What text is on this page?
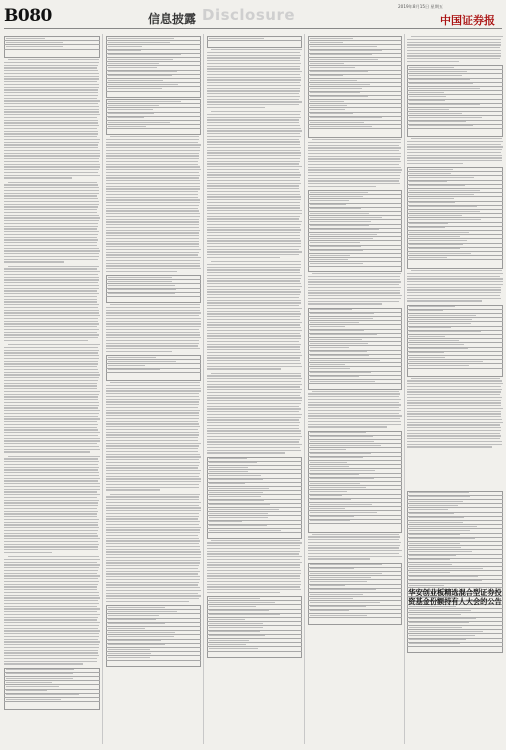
B080	信息披露 Disclosure	2019年8月15日 星期五
中国证券报
华安创业板精选混合型证券投资基金份额持有人大会的公告
